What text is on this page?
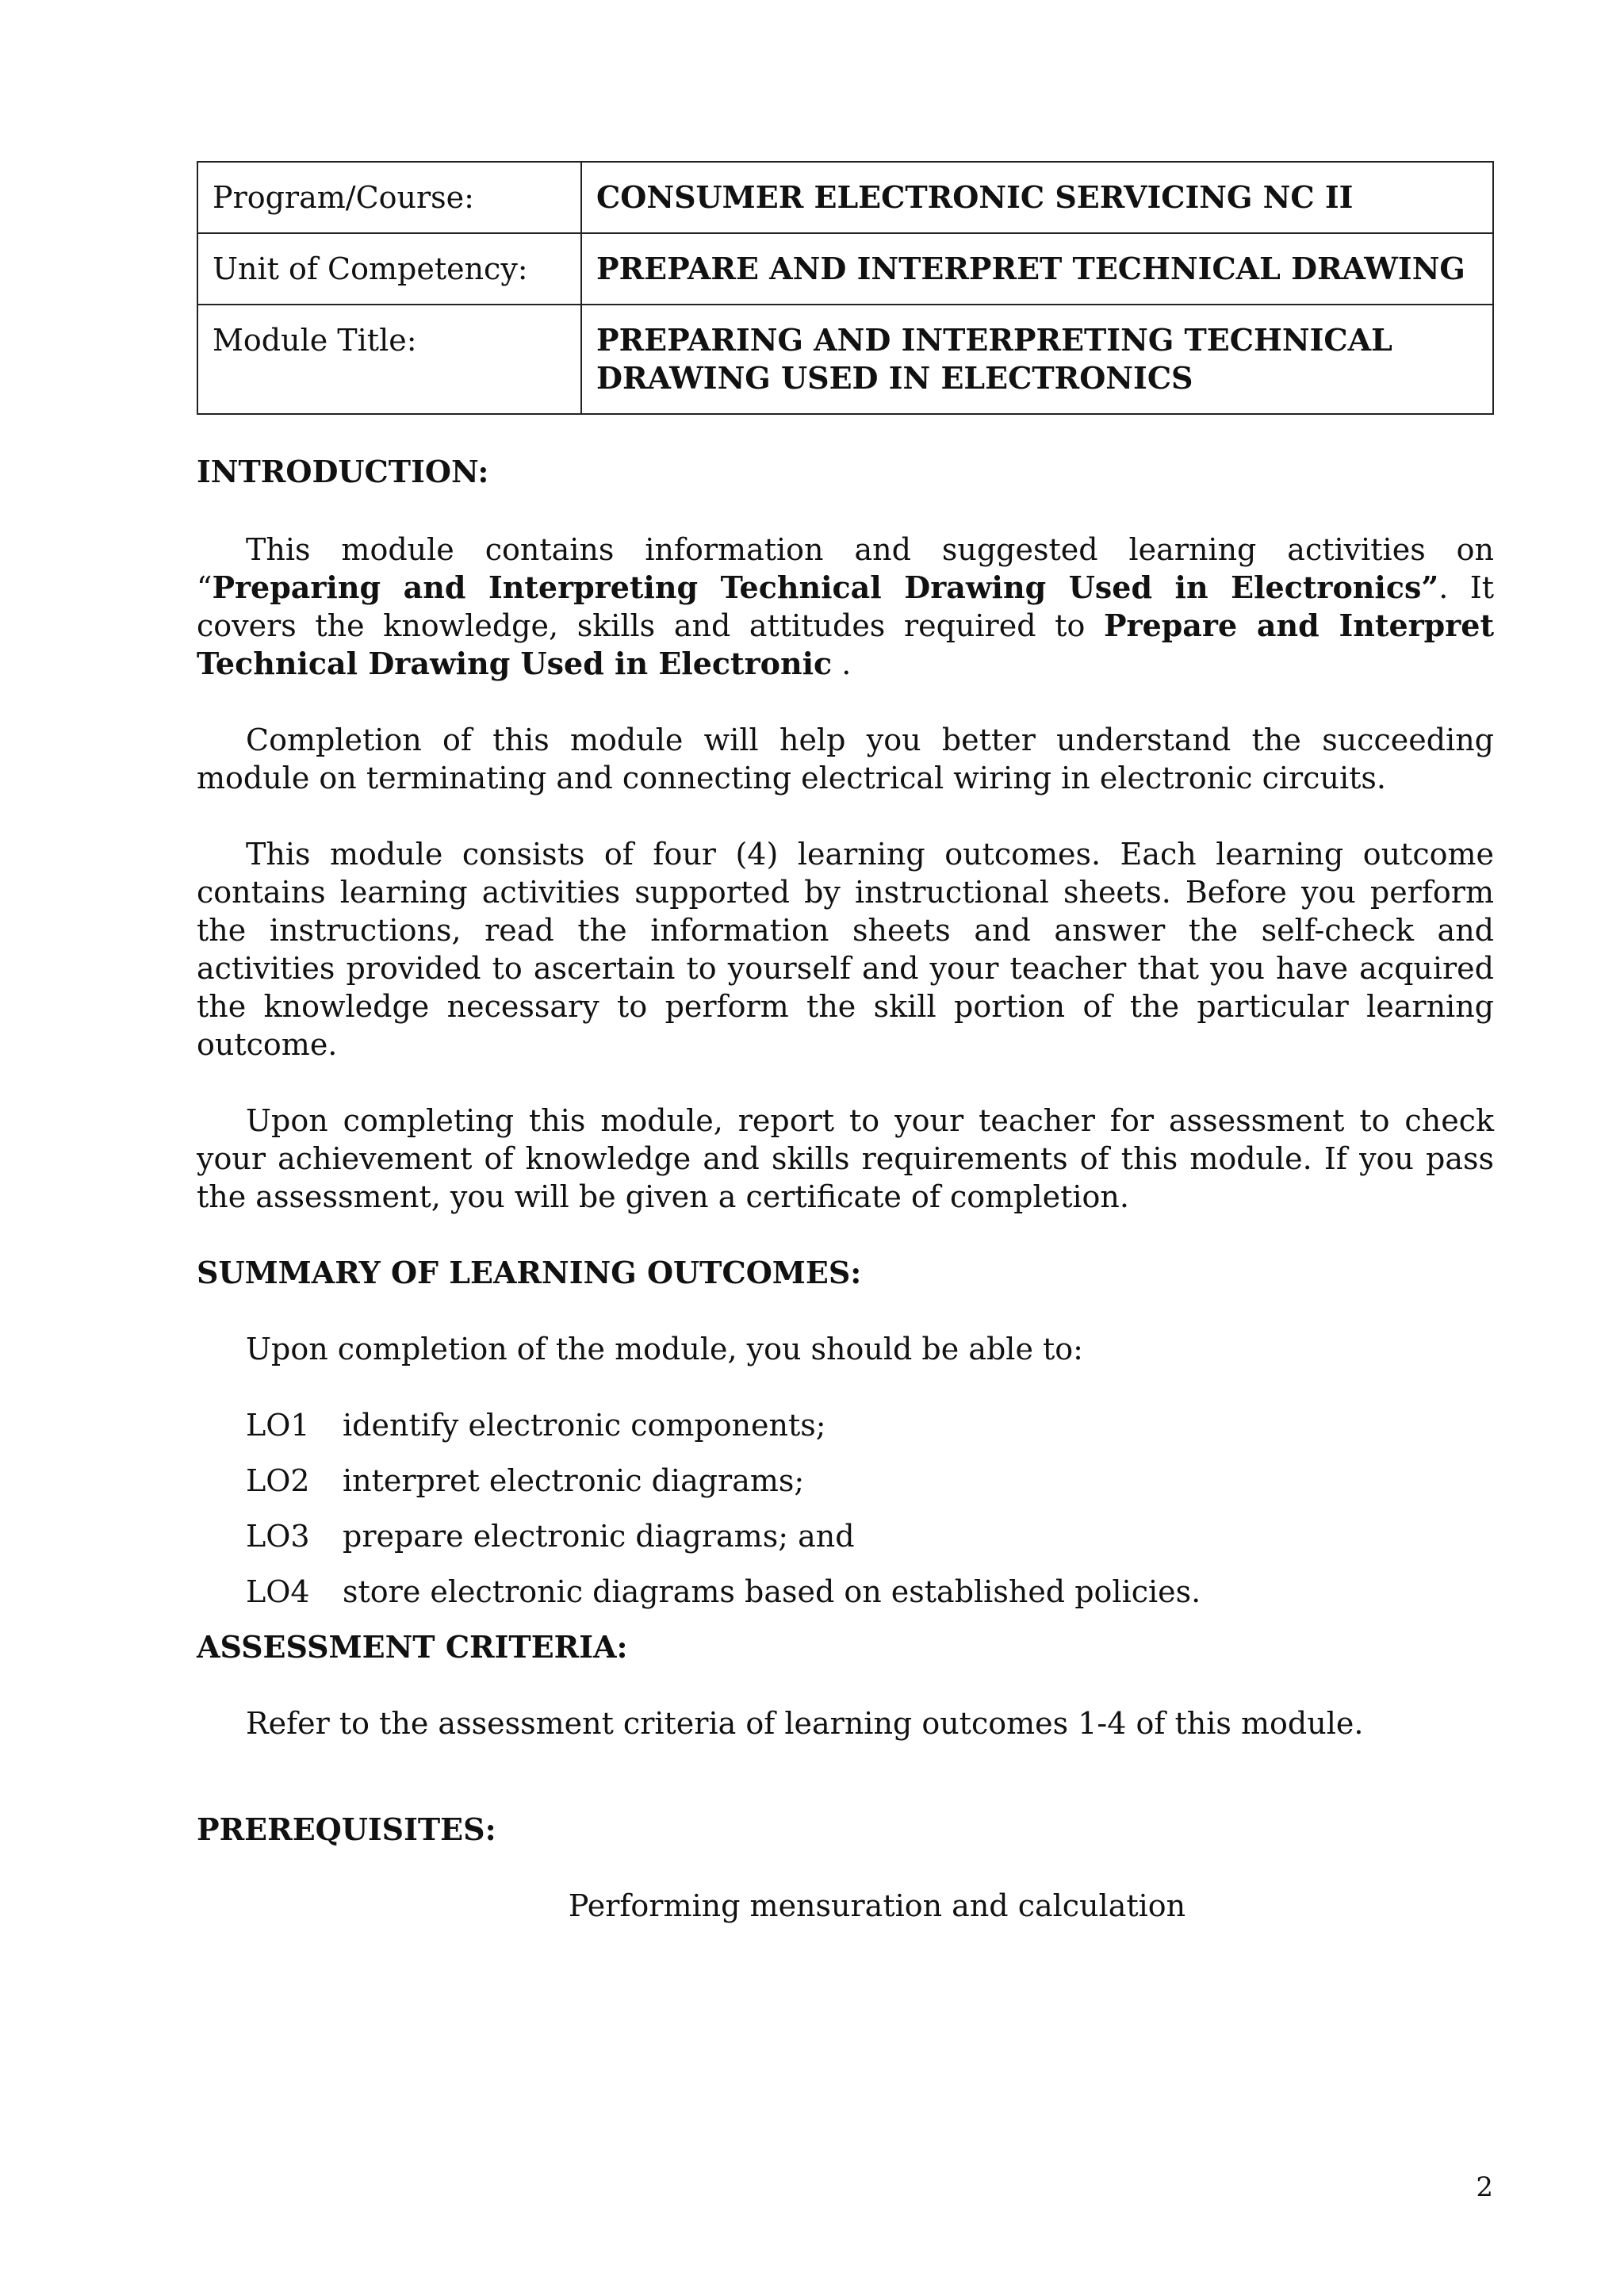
Program/Course:	CONSUMER ELECTRONIC SERVICING NC II
Unit of Competency:	PREPARE AND INTERPRET TECHNICAL DRAWING
Module Title:	PREPARING AND INTERPRETING TECHNICAL DRAWING USED IN ELECTRONICS

INTRODUCTION:

This module contains information and suggested learning activities on “Preparing and Interpreting Technical Drawing Used in Electronics”. It covers the knowledge, skills and attitudes required to Prepare and Interpret Technical Drawing Used in Electronic .

Completion of this module will help you better understand the succeeding module on terminating and connecting electrical wiring in electronic circuits.

This module consists of four (4) learning outcomes. Each learning outcome contains learning activities supported by instructional sheets. Before you perform the instructions, read the information sheets and answer the self-check and activities provided to ascertain to yourself and your teacher that you have acquired the knowledge necessary to perform the skill portion of the particular learning outcome.

Upon completing this module, report to your teacher for assessment to check your achievement of knowledge and skills requirements of this module. If you pass the assessment, you will be given a certificate of completion.

SUMMARY OF LEARNING OUTCOMES:

Upon completion of the module, you should be able to:

LO1	identify electronic components;

LO2	interpret electronic diagrams;

LO3	prepare electronic diagrams; and

LO4	store electronic diagrams based on established policies.

ASSESSMENT CRITERIA:

Refer to the assessment criteria of learning outcomes 1-4 of this module.

PREREQUISITES:

Performing mensuration and calculation

2
